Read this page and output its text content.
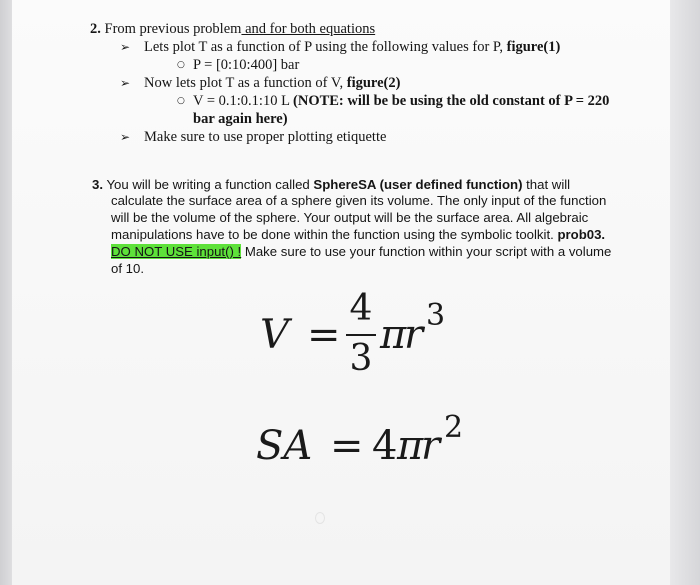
2. From previous problem and for both equations
➢ Lets plot T as a function of P using the following values for P, figure(1)
○ P = [0:10:400] bar
➢ Now lets plot T as a function of V, figure(2)
○ V = 0.1:0.1:10 L (NOTE: will be be using the old constant of P = 220
bar again here)
➢ Make sure to use proper plotting etiquette
3. You will be writing a function called SphereSA (user defined function) that will
calculate the surface area of a sphere given its volume. The only input of the function
will be the volume of the sphere. Your output will be the surface area. All algebraic
manipulations have to be done within the function using the symbolic toolkit. prob03.
DO NOT USE input() ! Make sure to use your function within your script with a volume
of 10.
V =
4
3
π
r 3
SA = 4 π
r 2
